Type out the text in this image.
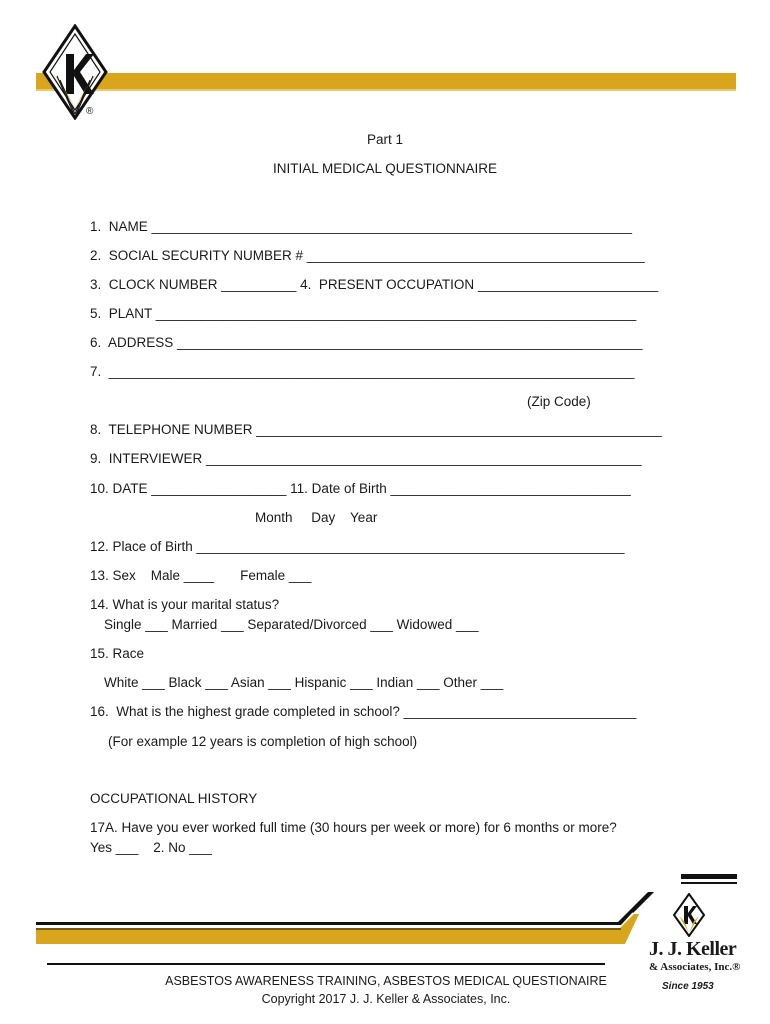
®
Part 1
INITIAL MEDICAL QUESTIONNAIRE
1.  NAME ________________________________________________________________
2.  SOCIAL SECURITY NUMBER # _____________________________________________
3.  CLOCK NUMBER __________ 4.  PRESENT OCCUPATION ________________________
5.  PLANT ________________________________________________________________
6.  ADDRESS ______________________________________________________________
7.  ______________________________________________________________________
(Zip Code)
8.  TELEPHONE NUMBER ______________________________________________________
9.  INTERVIEWER __________________________________________________________
10. DATE __________________ 11. Date of Birth ________________________________
Month     Day    Year
12. Place of Birth _________________________________________________________
13. Sex    Male ____       Female ___
14. What is your marital status?
Single ___ Married ___ Separated/Divorced ___ Widowed ___
15. Race
White ___ Black ___ Asian ___ Hispanic ___ Indian ___ Other ___
16.  What is the highest grade completed in school? _______________________________
(For example 12 years is completion of high school)
OCCUPATIONAL HISTORY
17A. Have you ever worked full time (30 hours per week or more) for 6 months or more?
Yes ___    2. No ___
J. J. Keller
& Associates, Inc.®
Since 1953
ASBESTOS AWARENESS TRAINING, ASBESTOS MEDICAL QUESTIONAIRE
Copyright 2017 J. J. Keller & Associates, Inc.
